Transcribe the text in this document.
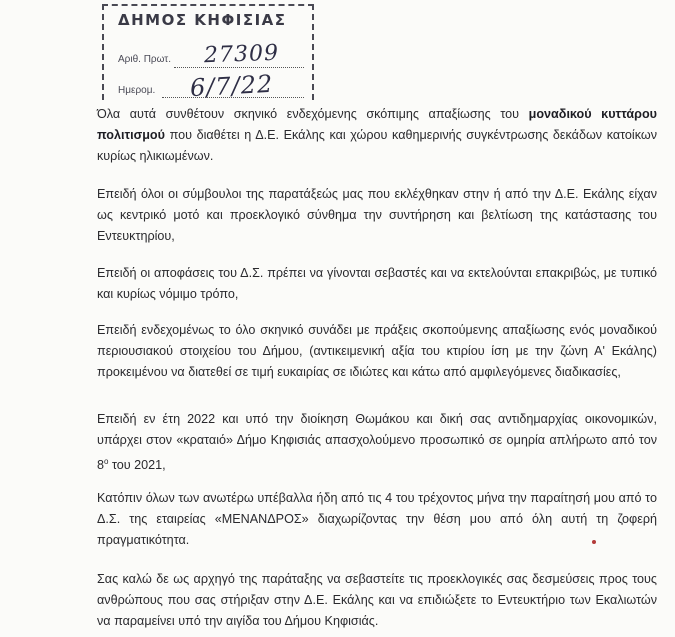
ΔΗΜΟΣ ΚΗΦΙΣΙΑΣ
Αριθ. Πρωτ. 27309
Ημερομ. 6/7/22

Όλα αυτά συνθέτουν σκηνικό ενδεχόμενης σκόπιμης απαξίωσης του μοναδικού κυττάρου πολιτισμού που διαθέτει η Δ.Ε. Εκάλης και χώρου καθημερινής συγκέντρωσης δεκάδων κατοίκων κυρίως ηλικιωμένων.

Επειδή όλοι οι σύμβουλοι της παρατάξεώς μας που εκλέχθηκαν στην ή από την Δ.Ε. Εκάλης είχαν ως κεντρικό μοτό και προεκλογικό σύνθημα την συντήρηση και βελτίωση της κατάστασης του Εντευκτηρίου,

Επειδή οι αποφάσεις του Δ.Σ. πρέπει να γίνονται σεβαστές και να εκτελούνται επακριβώς, με τυπικό και κυρίως νόμιμο τρόπο,

Επειδή ενδεχομένως το όλο σκηνικό συνάδει με πράξεις σκοπούμενης απαξίωσης ενός μοναδικού περιουσιακού στοιχείου του Δήμου, (αντικειμενική αξία του κτιρίου ίση με την ζώνη Α' Εκάλης) προκειμένου να διατεθεί σε τιμή ευκαιρίας σε ιδιώτες και κάτω από αμφιλεγόμενες διαδικασίες,

Επειδή εν έτη 2022 και υπό την διοίκηση Θωμάκου και δική σας αντιδημαρχίας οικονομικών, υπάρχει στον «κραταιό» Δήμο Κηφισιάς απασχολούμενο προσωπικό σε ομηρία απλήρωτο από τον $8^o$ του 2021,

Κατόπιν όλων των ανωτέρω υπέβαλλα ήδη από τις 4 του τρέχοντος μήνα την παραίτησή μου από το Δ.Σ. της εταιρείας «ΜΕΝΑΝΔΡΟΣ» διαχωρίζοντας την θέση μου από όλη αυτή τη ζοφερή πραγματικότητα.

Σας καλώ δε ως αρχηγό της παράταξης να σεβαστείτε τις προεκλογικές σας δεσμεύσεις προς τους ανθρώπους που σας στήριξαν στην Δ.Ε. Εκάλης και να επιδιώξετε το Εντευκτήριο των Εκαλιωτών να παραμείνει υπό την αιγίδα του Δήμου Κηφισιάς.
